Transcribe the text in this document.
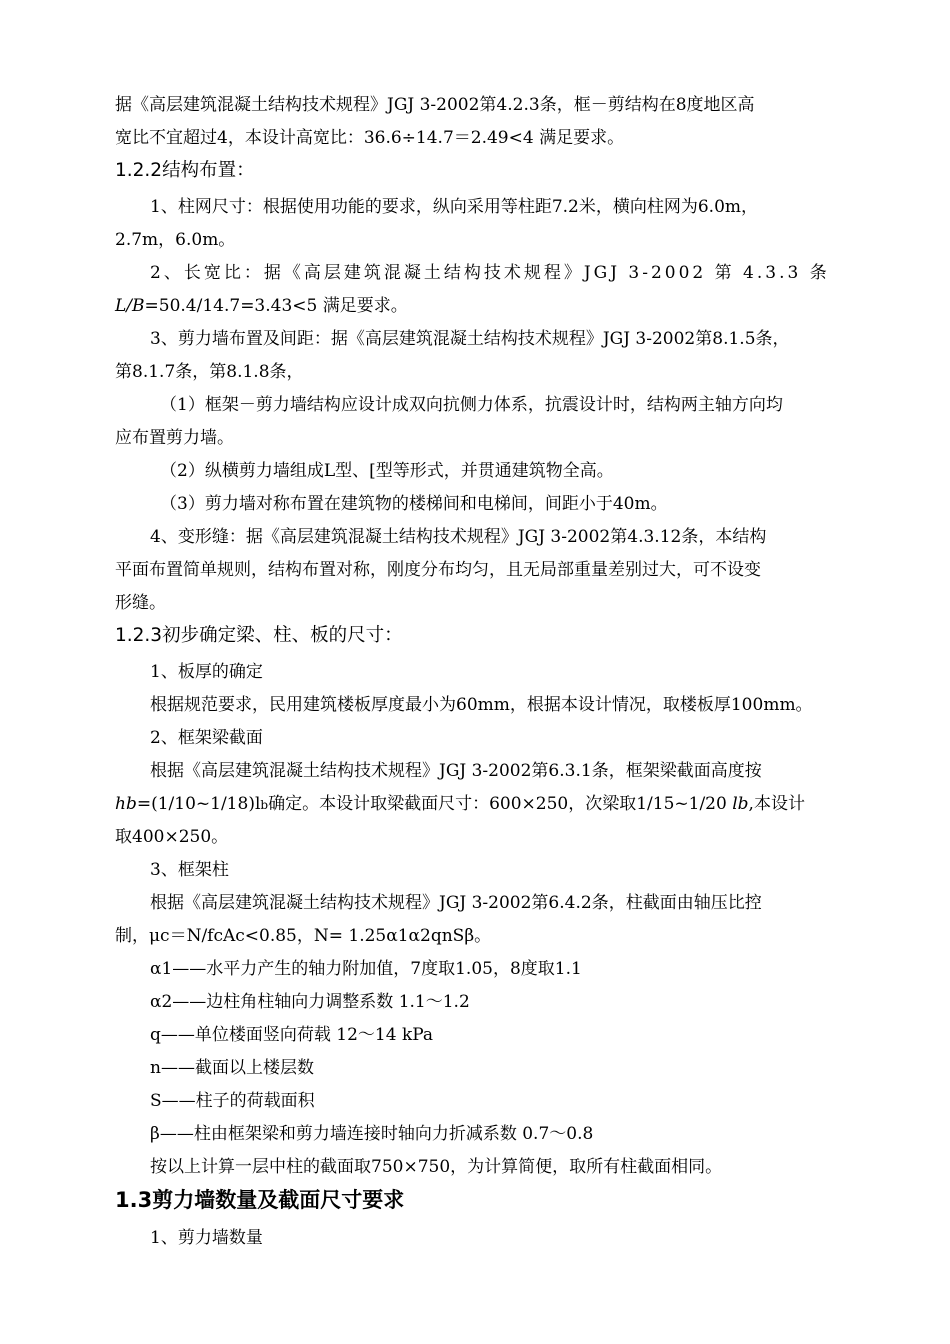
据《高层建筑混凝土结构技术规程》JGJ 3-2002第4.2.3条，框－剪结构在8度地区高
宽比不宜超过4，本设计高宽比：36.6÷14.7＝2.49<4 满足要求。
1.2.2结构布置：
1、柱网尺寸：根据使用功能的要求，纵向采用等柱距7.2米，横向柱网为6.0m，
2.7m，6.0m。
2、长宽比：据《高层建筑混凝土结构技术规程》JGJ 3-2002 第 4.3.3 条
L/B=50.4/14.7=3.43<5 满足要求。
3、剪力墙布置及间距：据《高层建筑混凝土结构技术规程》JGJ 3-2002第8.1.5条，
第8.1.7条，第8.1.8条，
（1）框架－剪力墙结构应设计成双向抗侧力体系，抗震设计时，结构两主轴方向均
应布置剪力墙。
（2）纵横剪力墙组成L型、[型等形式，并贯通建筑物全高。
（3）剪力墙对称布置在建筑物的楼梯间和电梯间，间距小于40m。
4、变形缝：据《高层建筑混凝土结构技术规程》JGJ 3-2002第4.3.12条，本结构
平面布置简单规则，结构布置对称，刚度分布均匀，且无局部重量差别过大，可不设变
形缝。
1.2.3初步确定梁、柱、板的尺寸：
1、板厚的确定
根据规范要求，民用建筑楼板厚度最小为60mm，根据本设计情况，取楼板厚100mm。
2、框架梁截面
根据《高层建筑混凝土结构技术规程》JGJ 3-2002第6.3.1条，框架梁截面高度按
hb=(1/10~1/18)lb确定。本设计取梁截面尺寸：600×250，次梁取1/15~1/20 lb,本设计
取400×250。
3、框架柱
根据《高层建筑混凝土结构技术规程》JGJ 3-2002第6.4.2条，柱截面由轴压比控
制，μc＝N/fcAc<0.85，N= 1.25α1α2qnSβ。
α1——水平力产生的轴力附加值，7度取1.05，8度取1.1
α2——边柱角柱轴向力调整系数 1.1～1.2
q——单位楼面竖向荷载 12～14 kPa
n——截面以上楼层数
S——柱子的荷载面积
β——柱由框架梁和剪力墙连接时轴向力折减系数 0.7～0.8
按以上计算一层中柱的截面取750×750，为计算简便，取所有柱截面相同。
1.3剪力墙数量及截面尺寸要求
1、剪力墙数量
